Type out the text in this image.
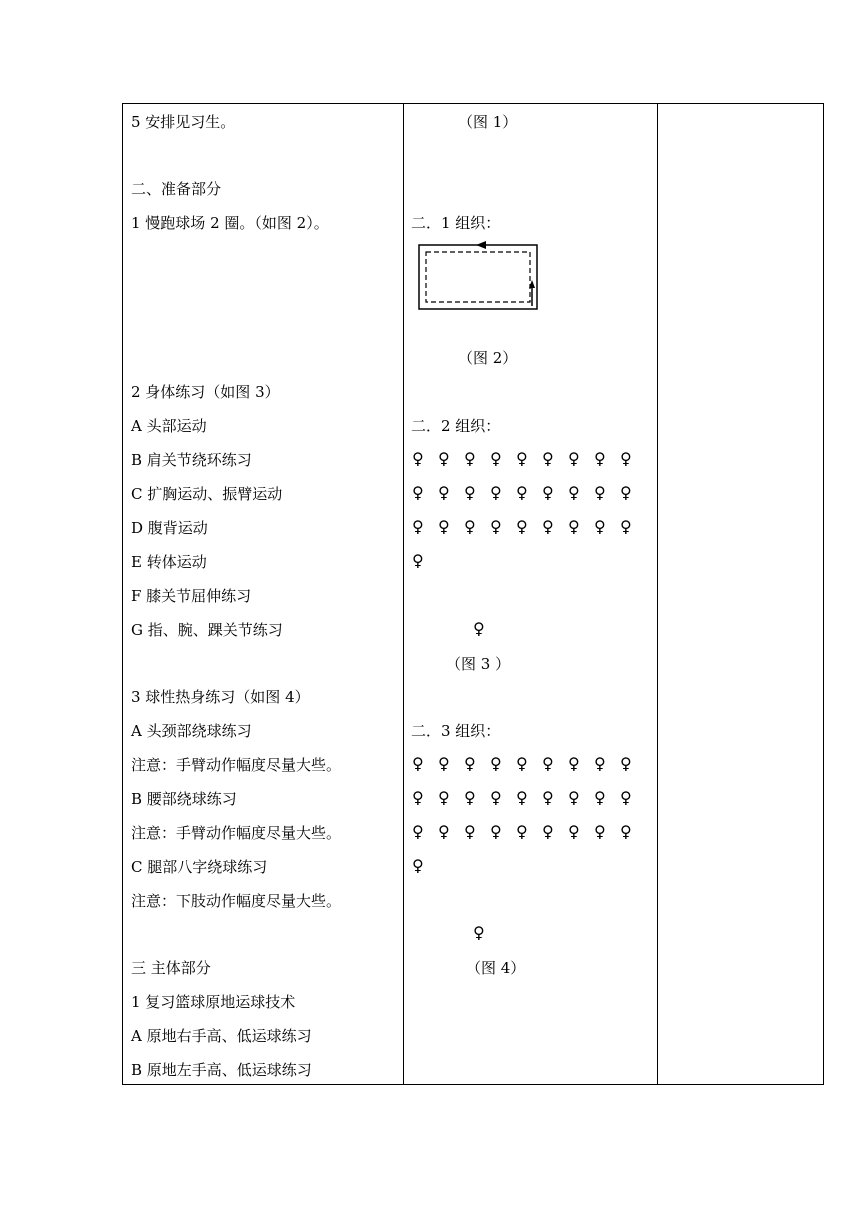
5 安排见习生。
二、准备部分
1 慢跑球场 2 圈。（如图 2）。
2 身体练习（如图 3）
A 头部运动
B 肩关节绕环练习
C 扩胸运动、振臂运动
D 腹背运动
E 转体运动
F 膝关节屈伸练习
G 指、腕、踝关节练习
3 球性热身练习（如图 4）
A 头颈部绕球练习
注意：手臂动作幅度尽量大些。
B 腰部绕球练习
注意：手臂动作幅度尽量大些。
C 腿部八字绕球练习
注意：下肢动作幅度尽量大些。
三 主体部分
1 复习篮球原地运球技术
A 原地右手高、低运球练习
B 原地左手高、低运球练习
（图 1）
二．1 组织：
（图 2）
二．2 组织：
♀ ♀ ♀ ♀ ♀ ♀ ♀ ♀ ♀
♀ ♀ ♀ ♀ ♀ ♀ ♀ ♀ ♀
♀ ♀ ♀ ♀ ♀ ♀ ♀ ♀ ♀
♀
♀
（图 3 ）
二．3 组织：
♀ ♀ ♀ ♀ ♀ ♀ ♀ ♀ ♀
♀ ♀ ♀ ♀ ♀ ♀ ♀ ♀ ♀
♀ ♀ ♀ ♀ ♀ ♀ ♀ ♀ ♀
♀
♀
（图 4）
